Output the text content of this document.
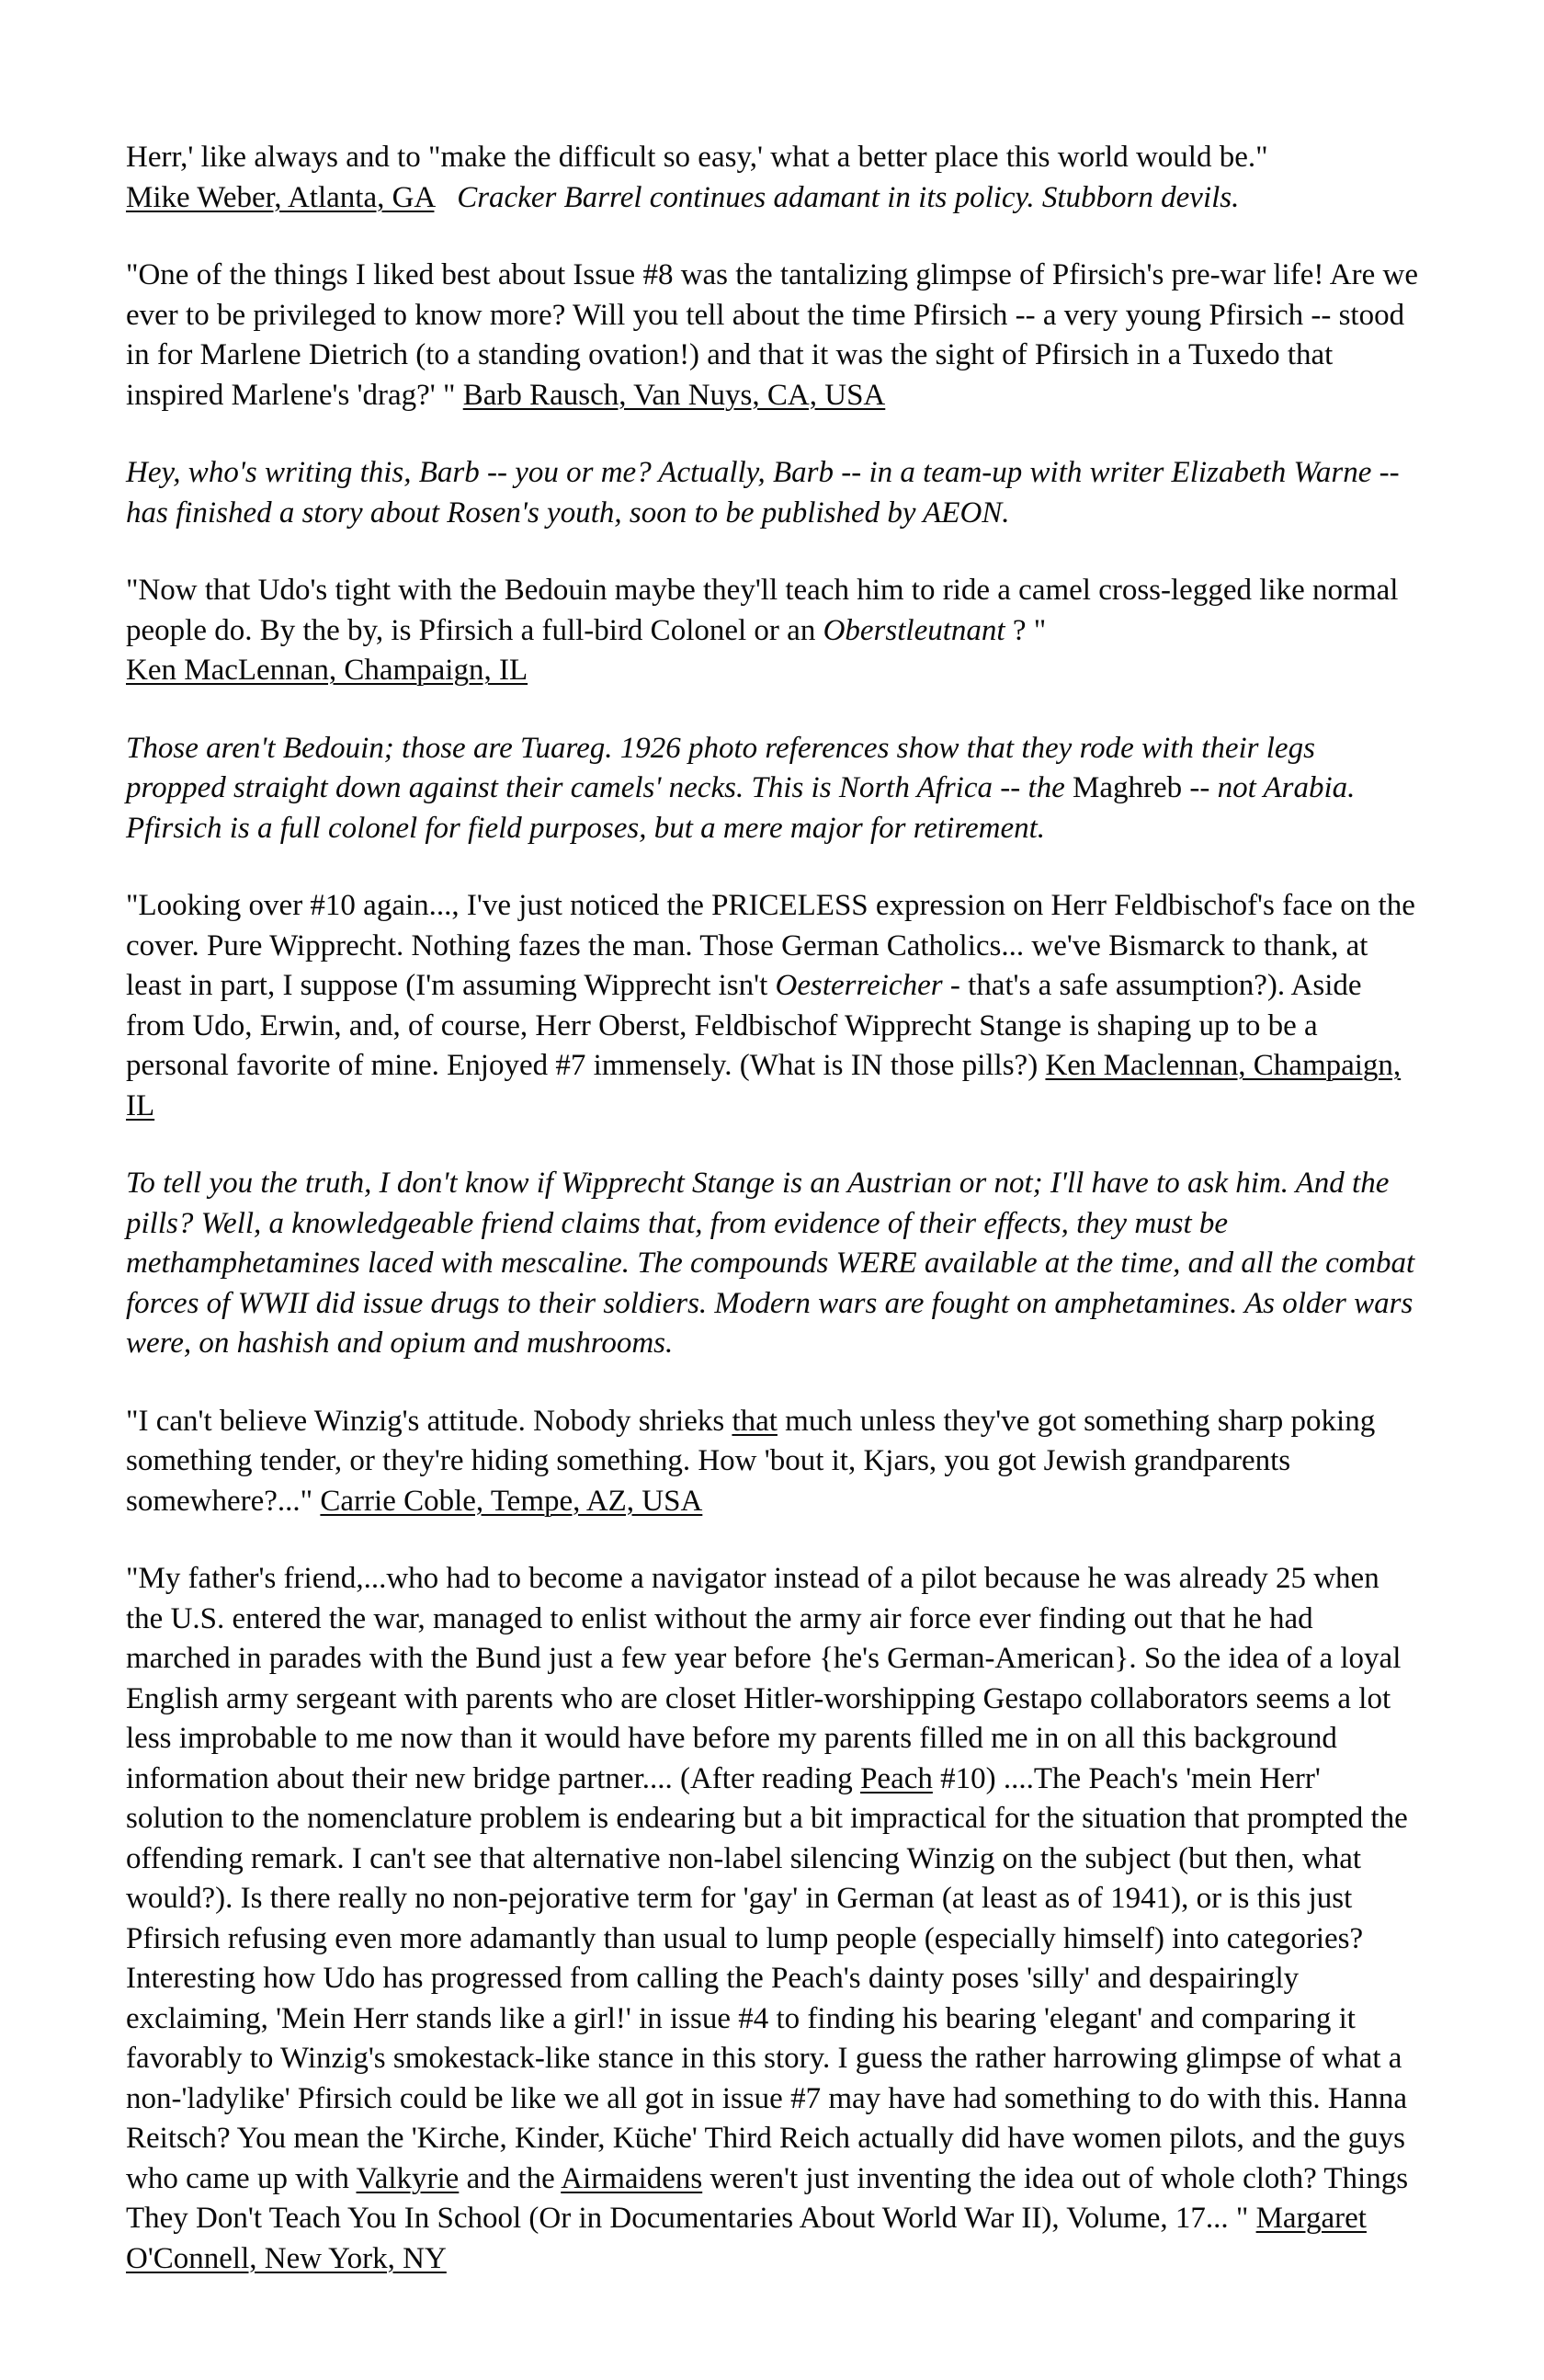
Herr,' like always and to "make the difficult so easy,' what a better place this world would be."
Mike Weber, Atlanta, GA Cracker Barrel continues adamant in its policy. Stubborn devils.

"One of the things I liked best about Issue #8 was the tantalizing glimpse of Pfirsich's pre-war life! Are we ever to be privileged to know more? Will you tell about the time Pfirsich -- a very young Pfirsich -- stood in for Marlene Dietrich (to a standing ovation!) and that it was the sight of Pfirsich in a Tuxedo that inspired Marlene's 'drag?' " Barb Rausch, Van Nuys, CA, USA

Hey, who's writing this, Barb -- you or me? Actually, Barb -- in a team-up with writer Elizabeth Warne -- has finished a story about Rosen's youth, soon to be published by AEON.

"Now that Udo's tight with the Bedouin maybe they'll teach him to ride a camel cross-legged like normal people do. By the by, is Pfirsich a full-bird Colonel or an Oberstleutnant ? "
Ken MacLennan, Champaign, IL

Those aren't Bedouin; those are Tuareg. 1926 photo references show that they rode with their legs propped straight down against their camels' necks. This is North Africa -- the Maghreb -- not Arabia. Pfirsich is a full colonel for field purposes, but a mere major for retirement.

"Looking over #10 again..., I've just noticed the PRICELESS expression on Herr Feldbischof's face on the cover. Pure Wipprecht. Nothing fazes the man. Those German Catholics... we've Bismarck to thank, at least in part, I suppose (I'm assuming Wipprecht isn't Oesterreicher - that's a safe assumption?). Aside from Udo, Erwin, and, of course, Herr Oberst, Feldbischof Wipprecht Stange is shaping up to be a personal favorite of mine. Enjoyed #7 immensely. (What is IN those pills?) Ken Maclennan, Champaign, IL

To tell you the truth, I don't know if Wipprecht Stange is an Austrian or not; I'll have to ask him. And the pills? Well, a knowledgeable friend claims that, from evidence of their effects, they must be methamphetamines laced with mescaline. The compounds WERE available at the time, and all the combat forces of WWII did issue drugs to their soldiers. Modern wars are fought on amphetamines. As older wars were, on hashish and opium and mushrooms.

"I can't believe Winzig's attitude. Nobody shrieks that much unless they've got something sharp poking something tender, or they're hiding something. How 'bout it, Kjars, you got Jewish grandparents somewhere?..." Carrie Coble, Tempe, AZ, USA

"My father's friend,...who had to become a navigator instead of a pilot because he was already 25 when the U.S. entered the war, managed to enlist without the army air force ever finding out that he had marched in parades with the Bund just a few year before {he's German-American}. So the idea of a loyal English army sergeant with parents who are closet Hitler-worshipping Gestapo collaborators seems a lot less improbable to me now than it would have before my parents filled me in on all this background information about their new bridge partner.... (After reading Peach #10) ....The Peach's 'mein Herr' solution to the nomenclature problem is endearing but a bit impractical for the situation that prompted the offending remark. I can't see that alternative non-label silencing Winzig on the subject (but then, what would?). Is there really no non-pejorative term for 'gay' in German (at least as of 1941), or is this just Pfirsich refusing even more adamantly than usual to lump people (especially himself) into categories? Interesting how Udo has progressed from calling the Peach's dainty poses 'silly' and despairingly exclaiming, 'Mein Herr stands like a girl!' in issue #4 to finding his bearing 'elegant' and comparing it favorably to Winzig's smokestack-like stance in this story. I guess the rather harrowing glimpse of what a non-'ladylike' Pfirsich could be like we all got in issue #7 may have had something to do with this. Hanna Reitsch? You mean the 'Kirche, Kinder, Küche' Third Reich actually did have women pilots, and the guys who came up with Valkyrie and the Airmaidens weren't just inventing the idea out of whole cloth? Things They Don't Teach You In School (Or in Documentaries About World War II), Volume, 17... " Margaret O'Connell, New York, NY
